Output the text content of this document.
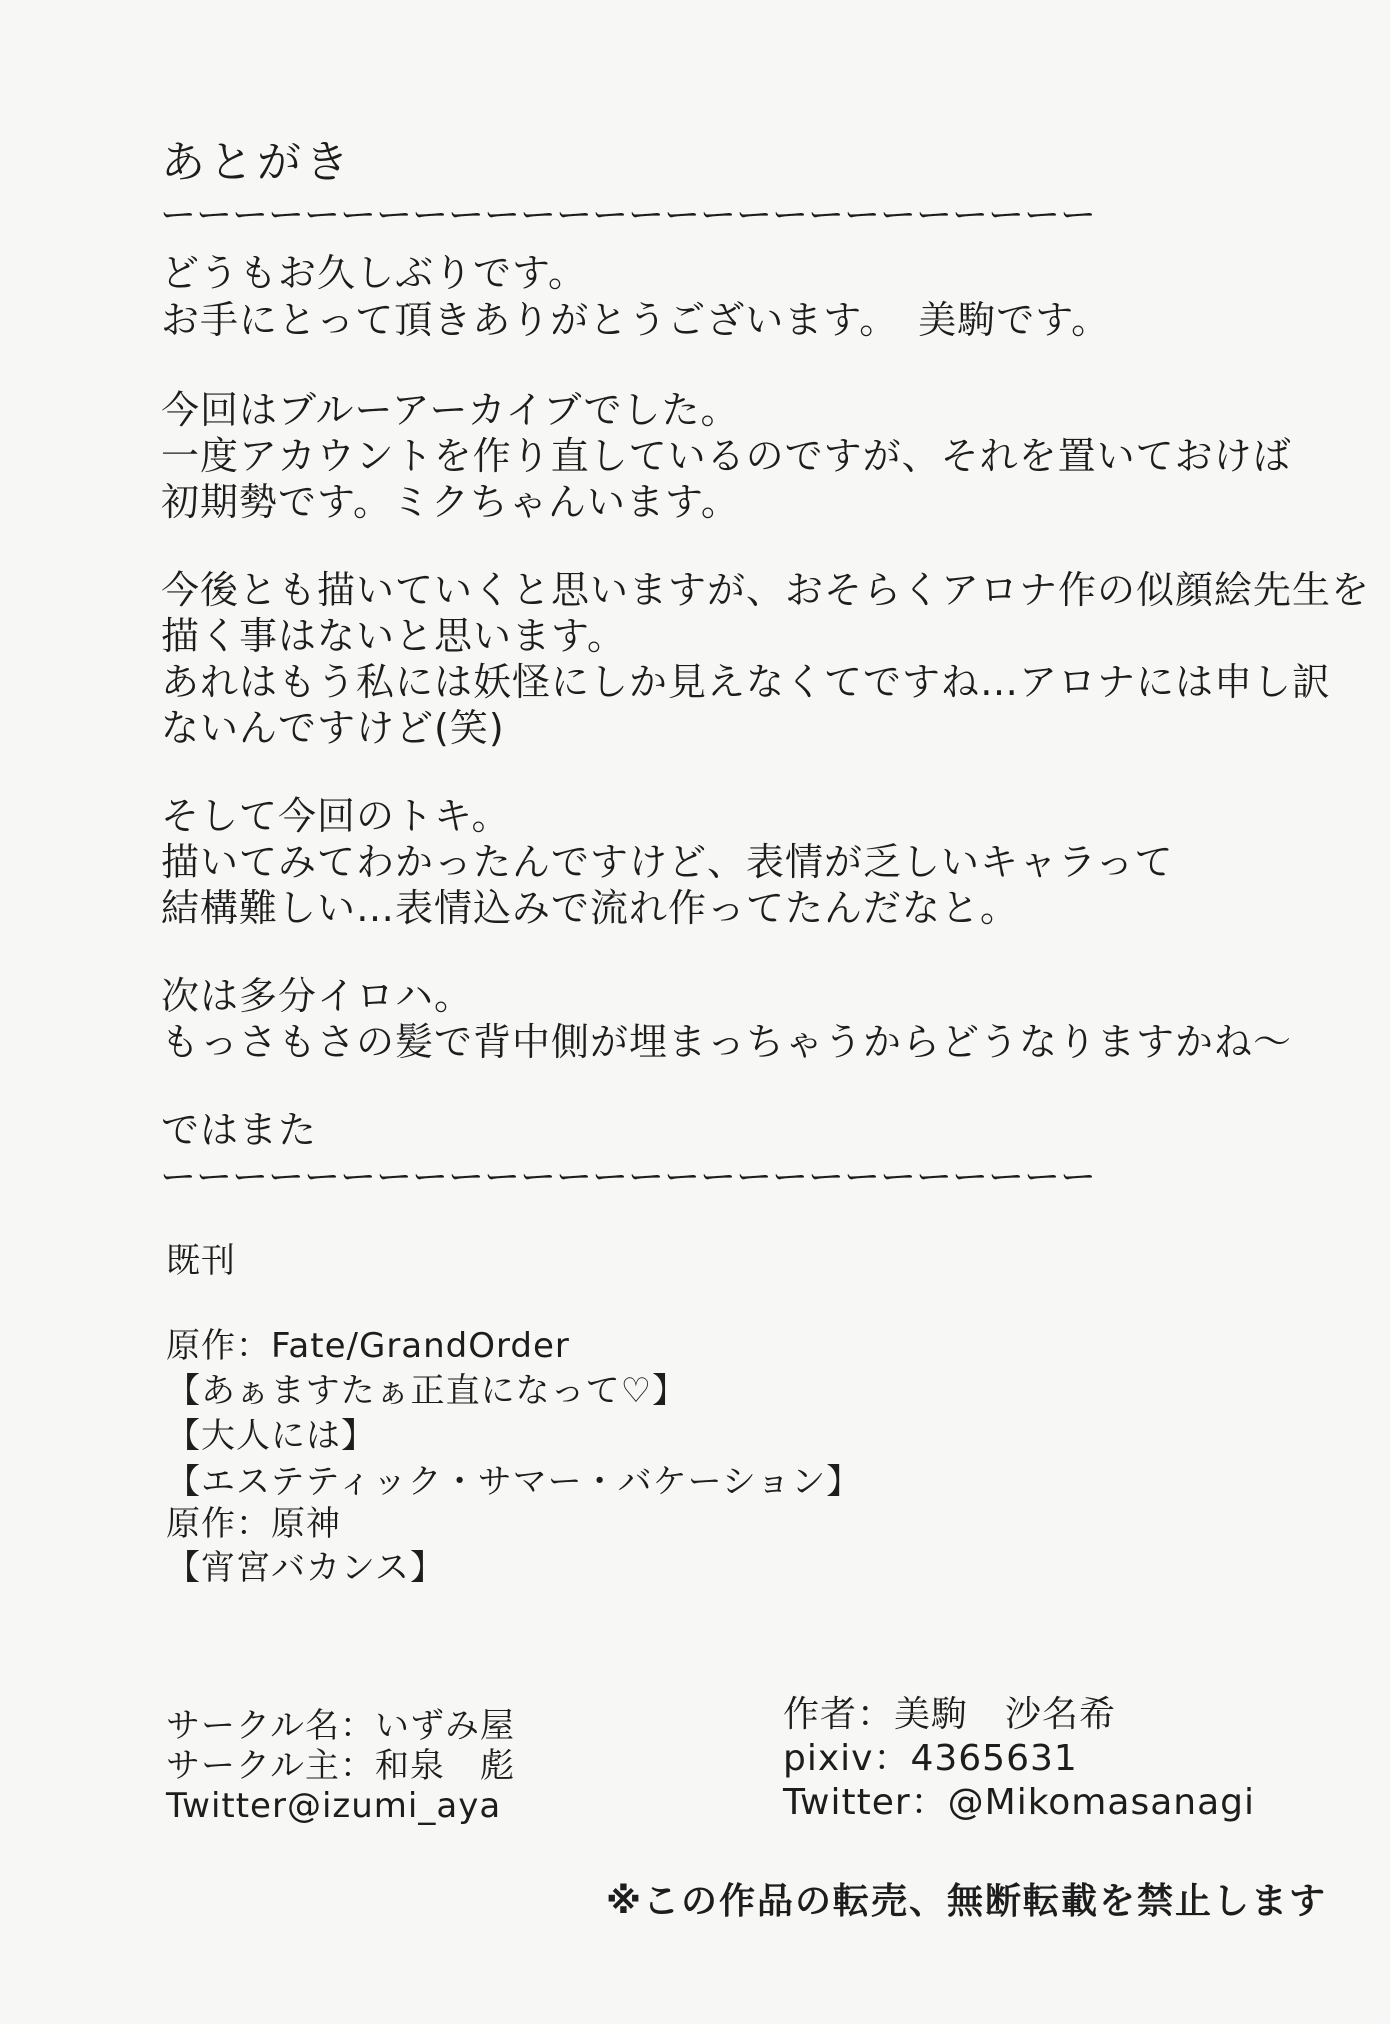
あとがき
ーーーーーーーーーーーーーーーーーーーーーーーーーー
どうもお久しぶりです。
お手にとって頂きありがとうございます。　美駒です。
今回はブルーアーカイブでした。
一度アカウントを作り直しているのですが、それを置いておけば
初期勢です。ミクちゃんいます。
今後とも描いていくと思いますが、おそらくアロナ作の似顔絵先生を
描く事はないと思います。
あれはもう私には妖怪にしか見えなくてですね…アロナには申し訳
ないんですけど(笑)
そして今回のトキ。
描いてみてわかったんですけど、表情が乏しいキャラって
結構難しい…表情込みで流れ作ってたんだなと。
次は多分イロハ。
もっさもさの髪で背中側が埋まっちゃうからどうなりますかね～
ではまた
ーーーーーーーーーーーーーーーーーーーーーーーーーー
既刊
原作：Fate/GrandOrder
【あぁますたぁ正直になって♡】
【大人には】
【エステティック・サマー・バケーション】
原作：原神
【宵宮バカンス】
サークル名：いずみ屋
サークル主：和泉　彪
Twitter@izumi_aya
作者：美駒　沙名希
pixiv：4365631
Twitter：@Mikomasanagi
※この作品の転売、無断転載を禁止します
